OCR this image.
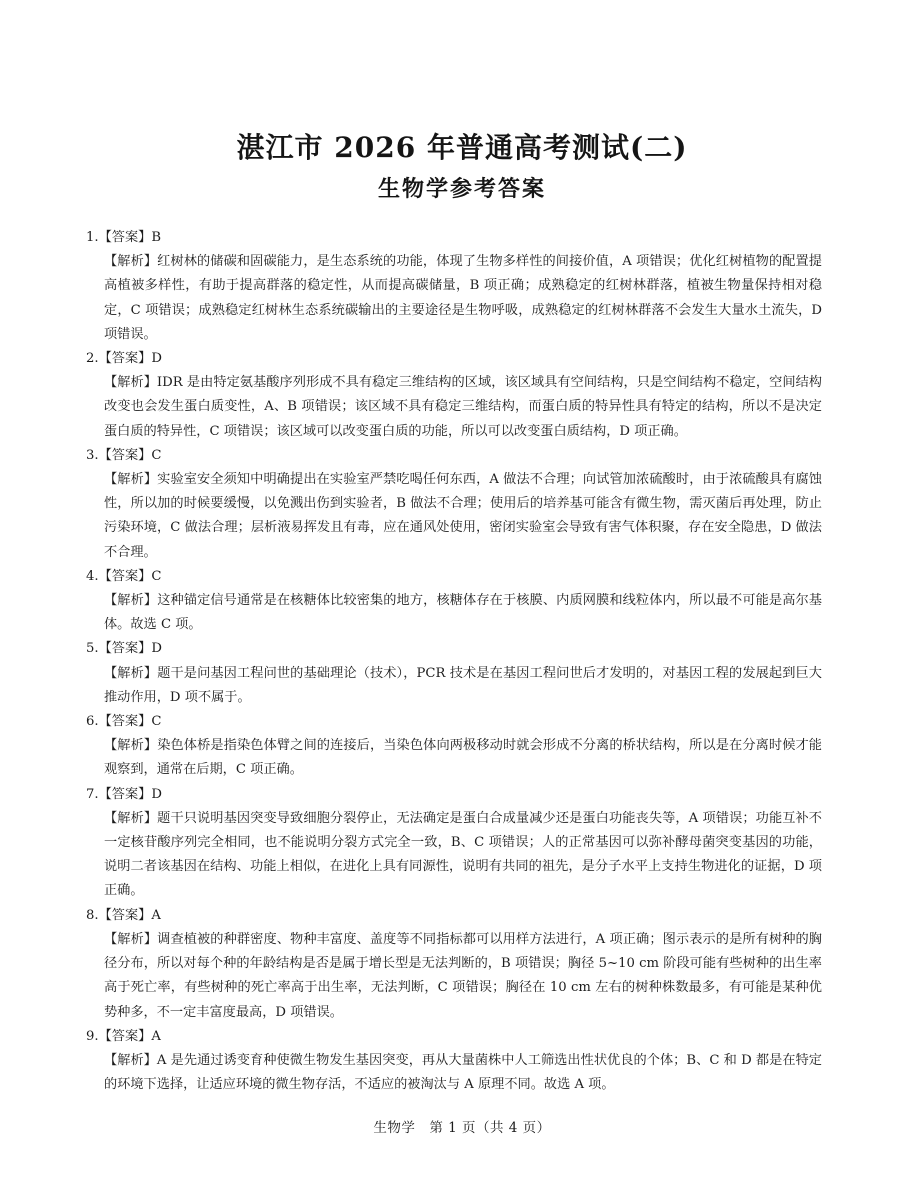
湛江市 2026 年普通高考测试(二)
生物学参考答案

1.【答案】B

【解析】红树林的储碳和固碳能力，是生态系统的功能，体现了生物多样性的间接价值，A 项错误；优化红树植物的配置提高植被多样性，有助于提高群落的稳定性，从而提高碳储量，B 项正确；成熟稳定的红树林群落，植被生物量保持相对稳定，C 项错误；成熟稳定红树林生态系统碳输出的主要途径是生物呼吸，成熟稳定的红树林群落不会发生大量水土流失，D 项错误。

2.【答案】D

【解析】IDR 是由特定氨基酸序列形成不具有稳定三维结构的区域，该区域具有空间结构，只是空间结构不稳定，空间结构改变也会发生蛋白质变性，A、B 项错误；该区域不具有稳定三维结构，而蛋白质的特异性具有特定的结构，所以不是决定蛋白质的特异性，C 项错误；该区域可以改变蛋白质的功能，所以可以改变蛋白质结构，D 项正确。

3.【答案】C

【解析】实验室安全须知中明确提出在实验室严禁吃喝任何东西，A 做法不合理；向试管加浓硫酸时，由于浓硫酸具有腐蚀性，所以加的时候要缓慢，以免溅出伤到实验者，B 做法不合理；使用后的培养基可能含有微生物，需灭菌后再处理，防止污染环境，C 做法合理；层析液易挥发且有毒，应在通风处使用，密闭实验室会导致有害气体积聚，存在安全隐患，D 做法不合理。

4.【答案】C

【解析】这种锚定信号通常是在核糖体比较密集的地方，核糖体存在于核膜、内质网膜和线粒体内，所以最不可能是高尔基体。故选 C 项。

5.【答案】D

【解析】题干是问基因工程问世的基础理论（技术），PCR 技术是在基因工程问世后才发明的，对基因工程的发展起到巨大推动作用，D 项不属于。

6.【答案】C

【解析】染色体桥是指染色体臂之间的连接后，当染色体向两极移动时就会形成不分离的桥状结构，所以是在分离时候才能观察到，通常在后期，C 项正确。

7.【答案】D

【解析】题干只说明基因突变导致细胞分裂停止，无法确定是蛋白合成量减少还是蛋白功能丧失等，A 项错误；功能互补不一定核苷酸序列完全相同，也不能说明分裂方式完全一致，B、C 项错误；人的正常基因可以弥补酵母菌突变基因的功能，说明二者该基因在结构、功能上相似，在进化上具有同源性，说明有共同的祖先，是分子水平上支持生物进化的证据，D 项正确。

8.【答案】A

【解析】调查植被的种群密度、物种丰富度、盖度等不同指标都可以用样方法进行，A 项正确；图示表示的是所有树种的胸径分布，所以对每个种的年龄结构是否是属于增长型是无法判断的，B 项错误；胸径 5~10 cm 阶段可能有些树种的出生率高于死亡率，有些树种的死亡率高于出生率，无法判断，C 项错误；胸径在 10 cm 左右的树种株数最多，有可能是某种优势种多，不一定丰富度最高，D 项错误。

9.【答案】A

【解析】A 是先通过诱变育种使微生物发生基因突变，再从大量菌株中人工筛选出性状优良的个体；B、C 和 D 都是在特定的环境下选择，让适应环境的微生物存活，不适应的被淘汰与 A 原理不同。故选 A 项。

生物学　第 1 页（共 4 页）
